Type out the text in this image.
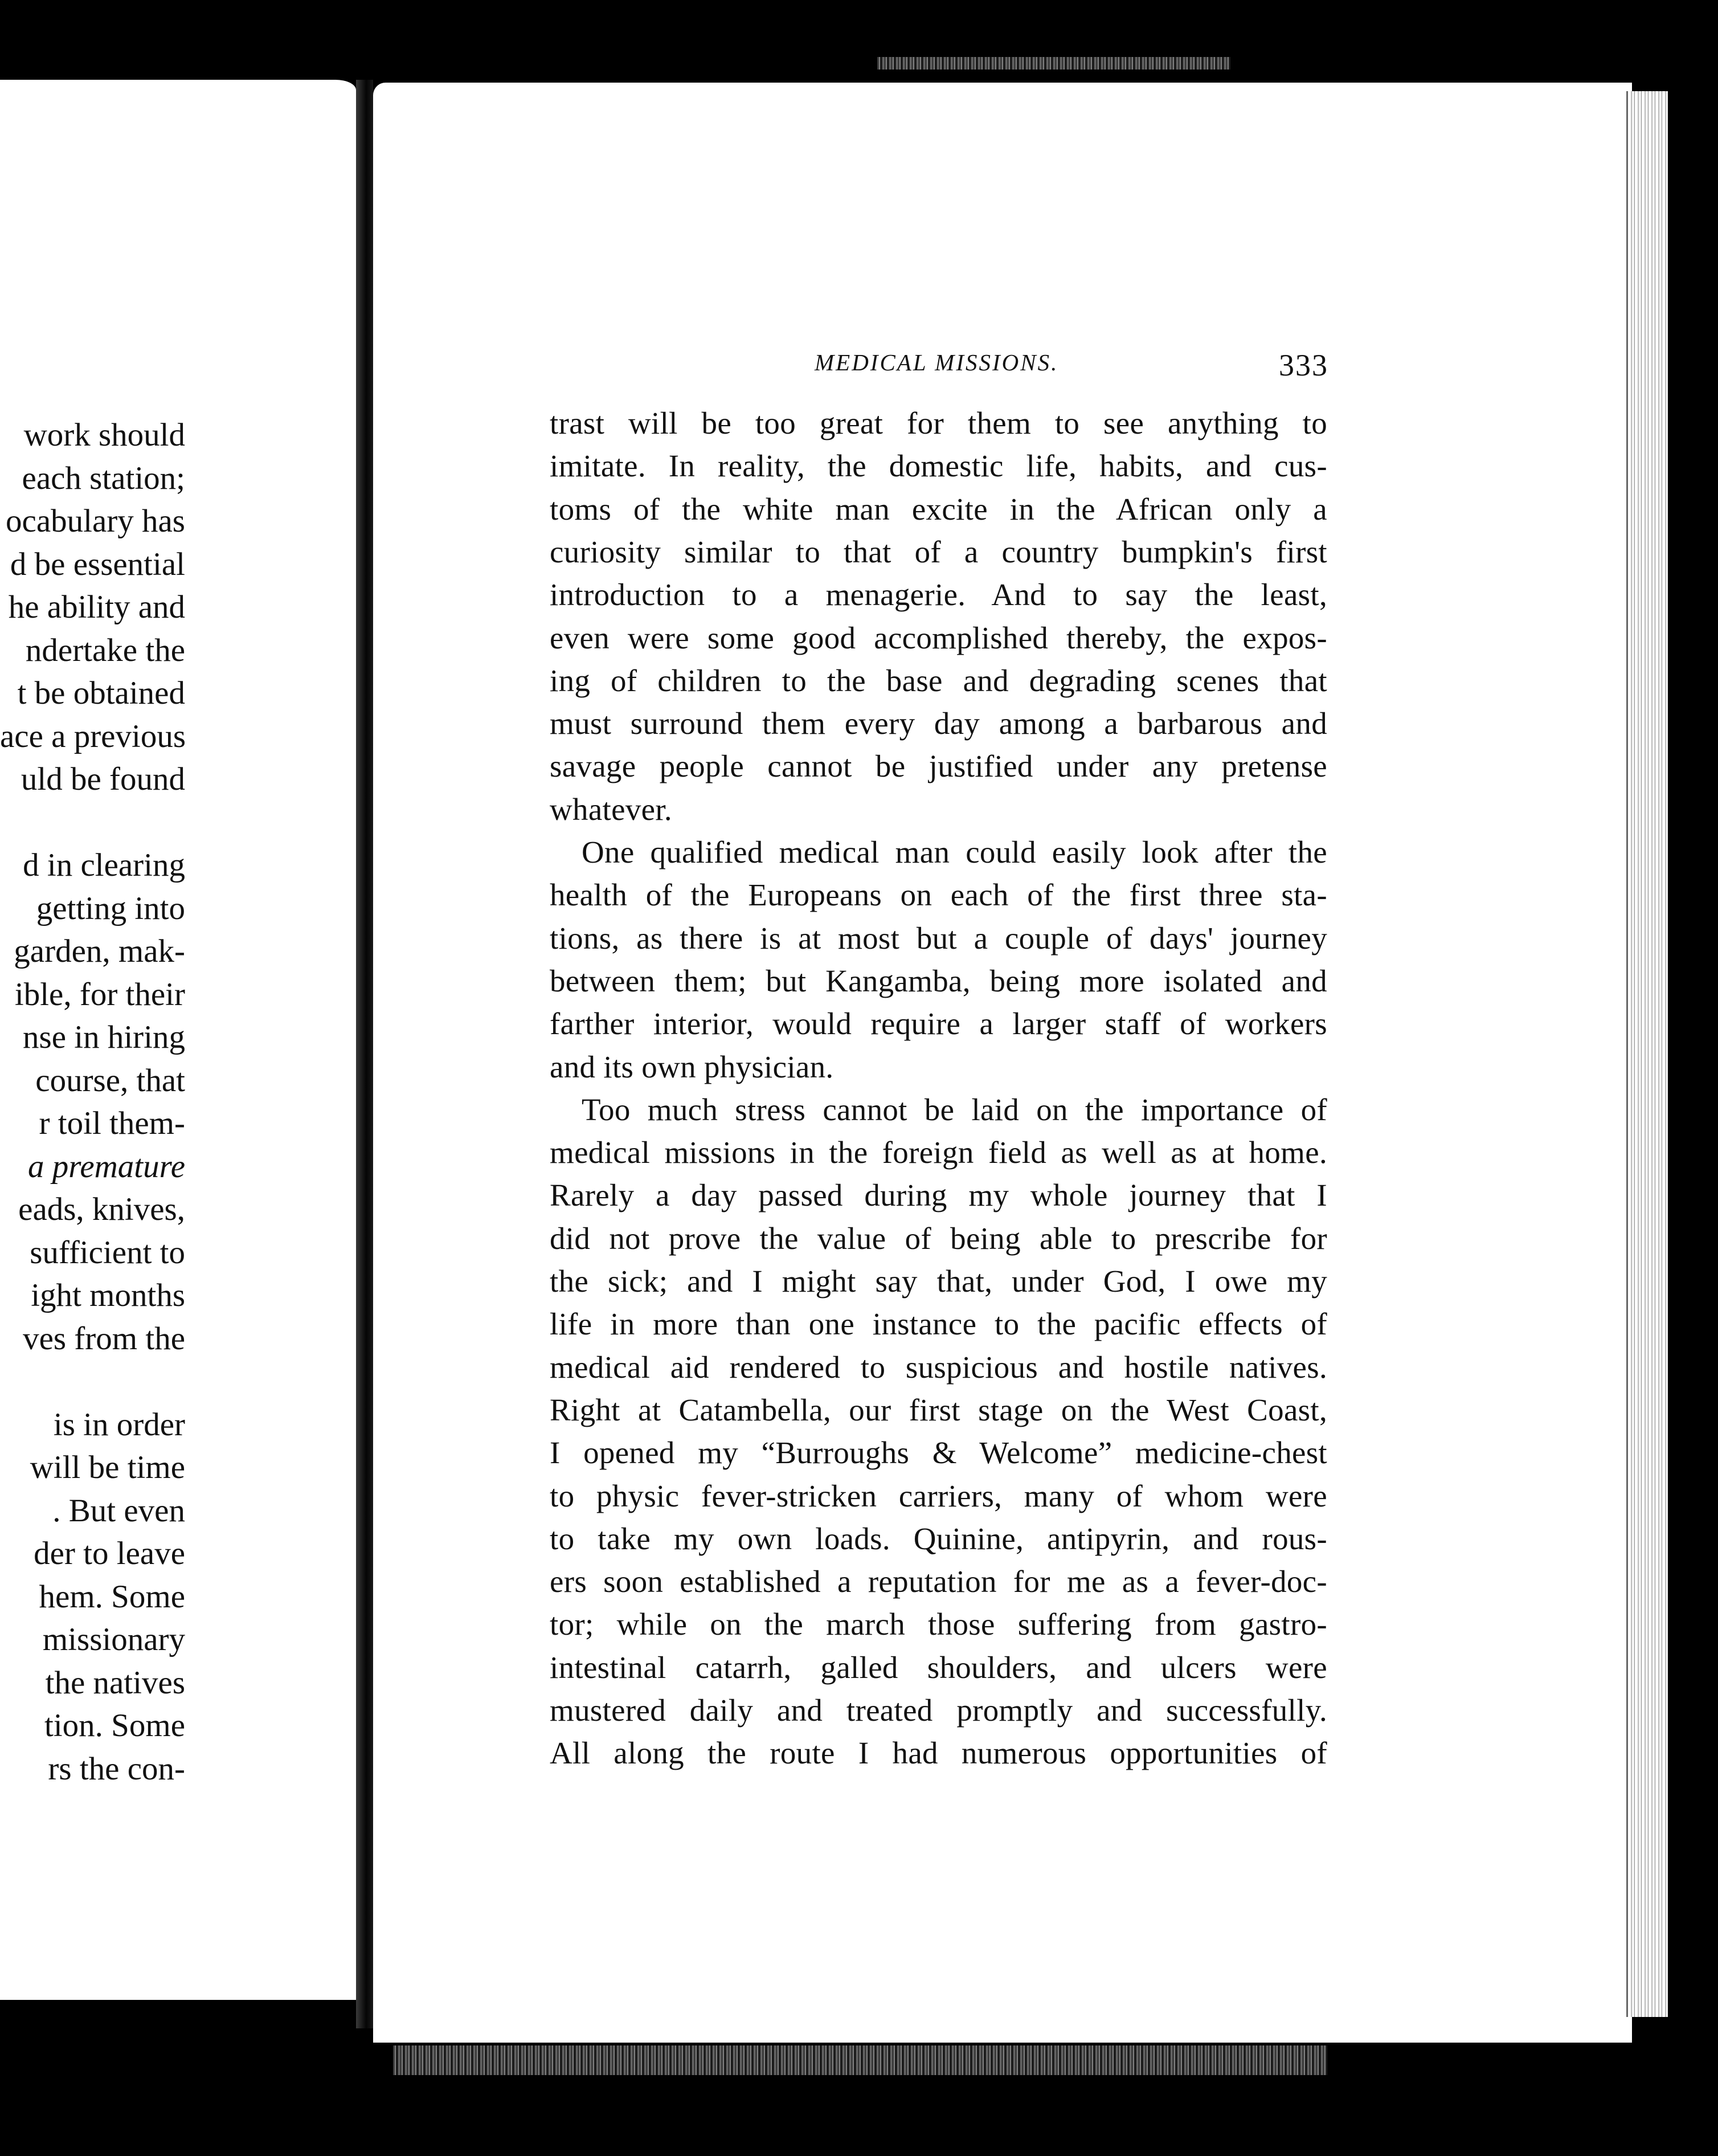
work should
each station;
ocabulary has
d be essential
he ability and
ndertake the
t be obtained
ace a previous
uld be found
d in clearing
getting into
garden, mak-
ible, for their
nse in hiring
course, that
r toil them-
a premature
eads, knives,
sufficient to
ight months
ves from the
is in order
will be time
. But even
der to leave
hem. Some
missionary
the natives
tion. Some
rs the con-
MEDICAL MISSIONS.	333
trast will be too great for them to see anything to
imitate. In reality, the domestic life, habits, and cus-
toms of the white man excite in the African only a
curiosity similar to that of a country bumpkin's first
introduction to a menagerie. And to say the least,
even were some good accomplished thereby, the expos-
ing of children to the base and degrading scenes that
must surround them every day among a barbarous and
savage people cannot be justified under any pretense
whatever.
One qualified medical man could easily look after the
health of the Europeans on each of the first three sta-
tions, as there is at most but a couple of days' journey
between them; but Kangamba, being more isolated and
farther interior, would require a larger staff of workers
and its own physician.
Too much stress cannot be laid on the importance of
medical missions in the foreign field as well as at home.
Rarely a day passed during my whole journey that I
did not prove the value of being able to prescribe for
the sick; and I might say that, under God, I owe my
life in more than one instance to the pacific effects of
medical aid rendered to suspicious and hostile natives.
Right at Catambella, our first stage on the West Coast,
I opened my “Burroughs & Welcome” medicine-chest
to physic fever-stricken carriers, many of whom were
to take my own loads. Quinine, antipyrin, and rous-
ers soon established a reputation for me as a fever-doc-
tor; while on the march those suffering from gastro-
intestinal catarrh, galled shoulders, and ulcers were
mustered daily and treated promptly and successfully.
All along the route I had numerous opportunities of
